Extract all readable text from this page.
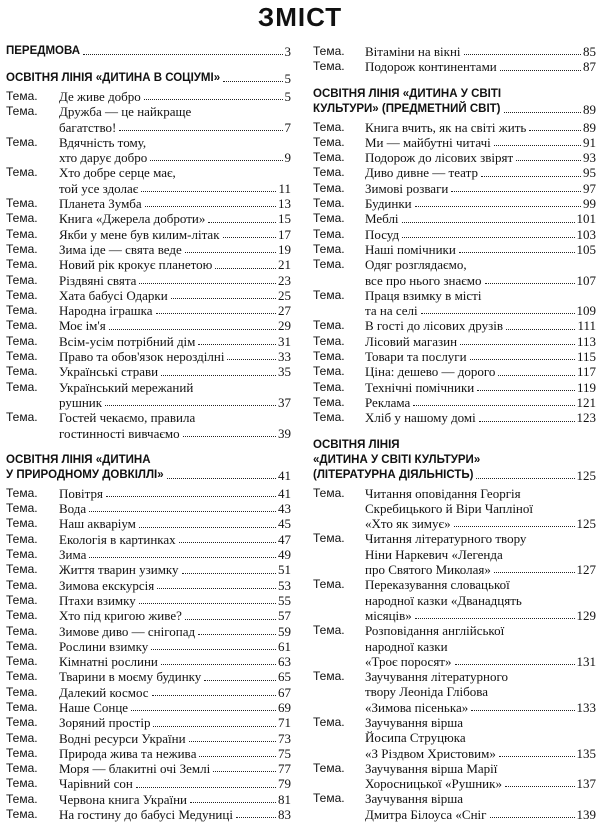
ЗМІСТ
ПЕРЕДМОВА	3
ОСВІТНЯ ЛІНІЯ «ДИТИНА В СОЦІУМІ»	5
Тема.	Де живе добро	5
Тема.	Дружба — це найкраще
багатство!	7
Тема.	Вдячність тому,
хто дарує добро	9
Тема.	Хто добре серце має,
той усе здолає	11
Тема.	Планета Зумба	13
Тема.	Книга «Джерела доброти»	15
Тема.	Якби у мене був килим-літак	17
Тема.	Зима іде — свята веде	19
Тема.	Новий рік крокує планетою	21
Тема.	Різдвяні свята	23
Тема.	Хата бабусі Одарки	25
Тема.	Народна іграшка	27
Тема.	Моє ім'я	29
Тема.	Всім-усім потрібний дім	31
Тема.	Право та обов'язок нерозділні	33
Тема.	Українські страви	35
Тема.	Український мережаний
рушник	37
Тема.	Гостей чекаємо, правила
гостинності вивчаємо	39
ОСВІТНЯ ЛІНІЯ «ДИТИНА
У ПРИРОДНОМУ ДОВКІЛЛІ»	41
Тема.	Повітря	41
Тема.	Вода	43
Тема.	Наш акваріум	45
Тема.	Екологія в картинках	47
Тема.	Зима	49
Тема.	Життя тварин узимку	51
Тема.	Зимова екскурсія	53
Тема.	Птахи взимку	55
Тема.	Хто під кригою живе?	57
Тема.	Зимове диво — снігопад	59
Тема.	Рослини взимку	61
Тема.	Кімнатні рослини	63
Тема.	Тварини в моєму будинку	65
Тема.	Далекий космос	67
Тема.	Наше Сонце	69
Тема.	Зоряний простір	71
Тема.	Водні ресурси України	73
Тема.	Природа жива та неживa	75
Тема.	Моря — блакитні очі Землі	77
Тема.	Чарівний сон	79
Тема.	Червона книга України	81
Тема.	На гостину до бабусі Медуниці	83
Тема.	Вітаміни на вікні	85
Тема.	Подорож континентами	87
ОСВІТНЯ ЛІНІЯ «ДИТИНА У СВІТІ
КУЛЬТУРИ» (ПРЕДМЕТНИЙ СВІТ)	89
Тема.	Книга вчить, як на світі жить	89
Тема.	Ми — майбутні читачі	91
Тема.	Подорож до лісових звірят	93
Тема.	Диво дивне — театр	95
Тема.	Зимові розваги	97
Тема.	Будинки	99
Тема.	Меблі	101
Тема.	Посуд	103
Тема.	Наші помічники	105
Тема.	Одяг розглядаємо,
все про нього знаємо	107
Тема.	Праця взимку в місті
та на селі	109
Тема.	В гості до лісових друзів	111
Тема.	Лісовий магазин	113
Тема.	Товари та послуги	115
Тема.	Ціна: дешево — дорого	117
Тема.	Технічні помічники	119
Тема.	Реклама	121
Тема.	Хліб у нашому домі	123
ОСВІТНЯ ЛІНІЯ
«ДИТИНА У СВІТІ КУЛЬТУРИ»
(ЛІТЕРАТУРНА ДІЯЛЬНІСТЬ)	125
Тема.	Читання оповідання Георгія
Скребицького й Віри Чаплiної
«Хто як зимує»	125
Тема.	Читання літературного твору
Ніни Наркевич «Легенда
про Святого Миколая»	127
Тема.	Переказування словацької
народної казки «Дванадцять
місяців»	129
Тема.	Розповідання англійської
народної казки
«Троє поросят»	131
Тема.	Заучування літературного
твору Леоніда Глібова
«Зимова пісенька»	133
Тема.	Заучування вірша
Йосипа Струцюка
«З Різдвом Христовим»	135
Тема.	Заучування вірша Марії
Хоросницької «Рушник»	137
Тема.	Заучування вірша
Дмитра Білоуса «Сніг	139
